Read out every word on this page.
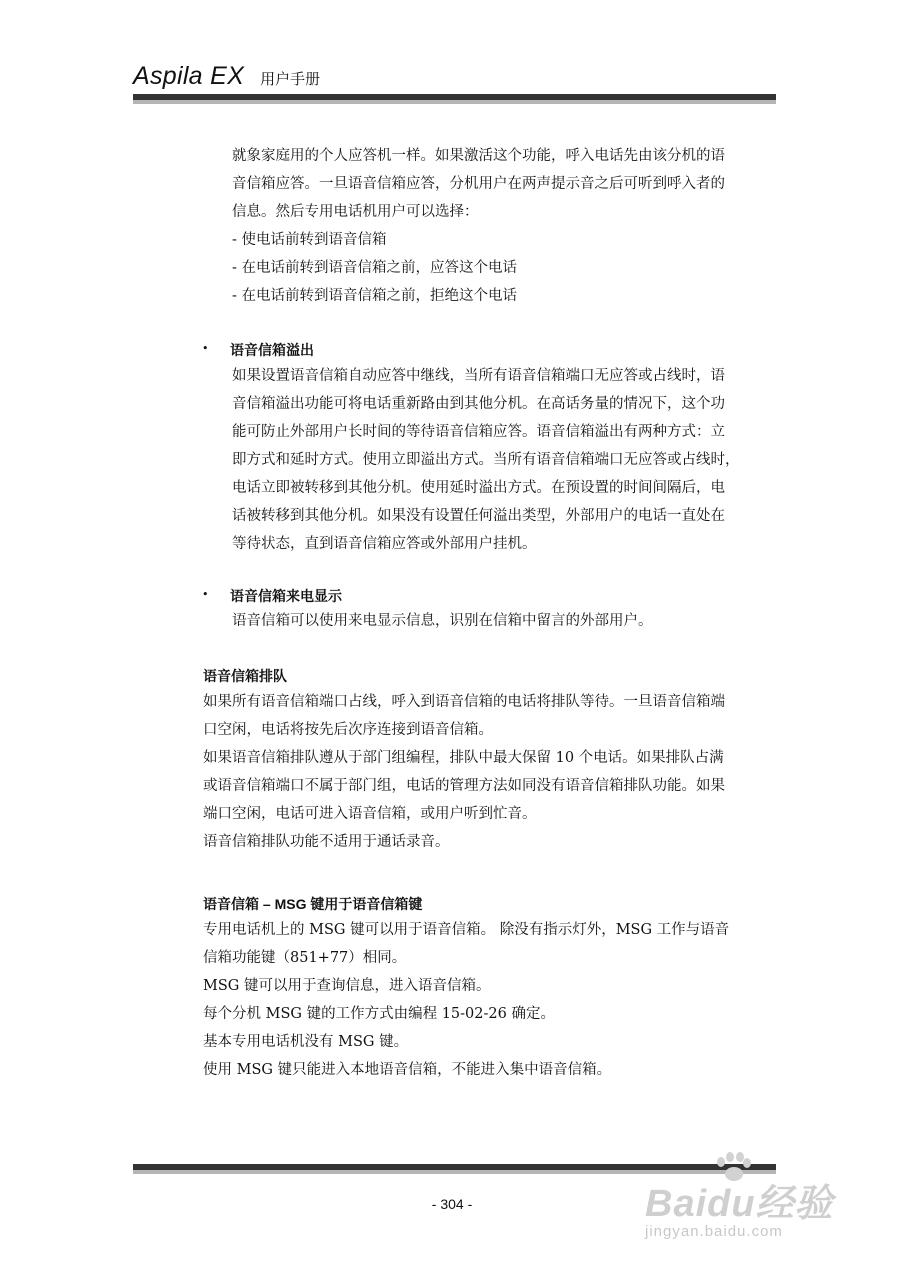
Aspila EX 用户手册
就象家庭用的个人应答机一样。如果激活这个功能，呼入电话先由该分机的语
音信箱应答。一旦语音信箱应答，分机用户在两声提示音之后可听到呼入者的
信息。然后专用电话机用户可以选择：
- 使电话前转到语音信箱
- 在电话前转到语音信箱之前，应答这个电话
- 在电话前转到语音信箱之前，拒绝这个电话
• 语音信箱溢出
如果设置语音信箱自动应答中继线，当所有语音信箱端口无应答或占线时，语
音信箱溢出功能可将电话重新路由到其他分机。在高话务量的情况下，这个功
能可防止外部用户长时间的等待语音信箱应答。语音信箱溢出有两种方式：立
即方式和延时方式。使用立即溢出方式。当所有语音信箱端口无应答或占线时，
电话立即被转移到其他分机。使用延时溢出方式。在预设置的时间间隔后，电
话被转移到其他分机。如果没有设置任何溢出类型，外部用户的电话一直处在
等待状态，直到语音信箱应答或外部用户挂机。
• 语音信箱来电显示
语音信箱可以使用来电显示信息，识别在信箱中留言的外部用户。
语音信箱排队
如果所有语音信箱端口占线，呼入到语音信箱的电话将排队等待。一旦语音信箱端
口空闲，电话将按先后次序连接到语音信箱。
如果语音信箱排队遵从于部门组编程，排队中最大保留 10 个电话。如果排队占满
或语音信箱端口不属于部门组，电话的管理方法如同没有语音信箱排队功能。如果
端口空闲，电话可进入语音信箱，或用户听到忙音。
语音信箱排队功能不适用于通话录音。
语音信箱 – MSG 键用于语音信箱键
专用电话机上的 MSG 键可以用于语音信箱。 除没有指示灯外，MSG 工作与语音
信箱功能键（851+77）相同。
MSG 键可以用于查询信息，进入语音信箱。
每个分机 MSG 键的工作方式由编程 15-02-26 确定。
基本专用电话机没有 MSG 键。
使用 MSG 键只能进入本地语音信箱，不能进入集中语音信箱。
- 304 -	Baidu经验
jingyan.baidu.com
